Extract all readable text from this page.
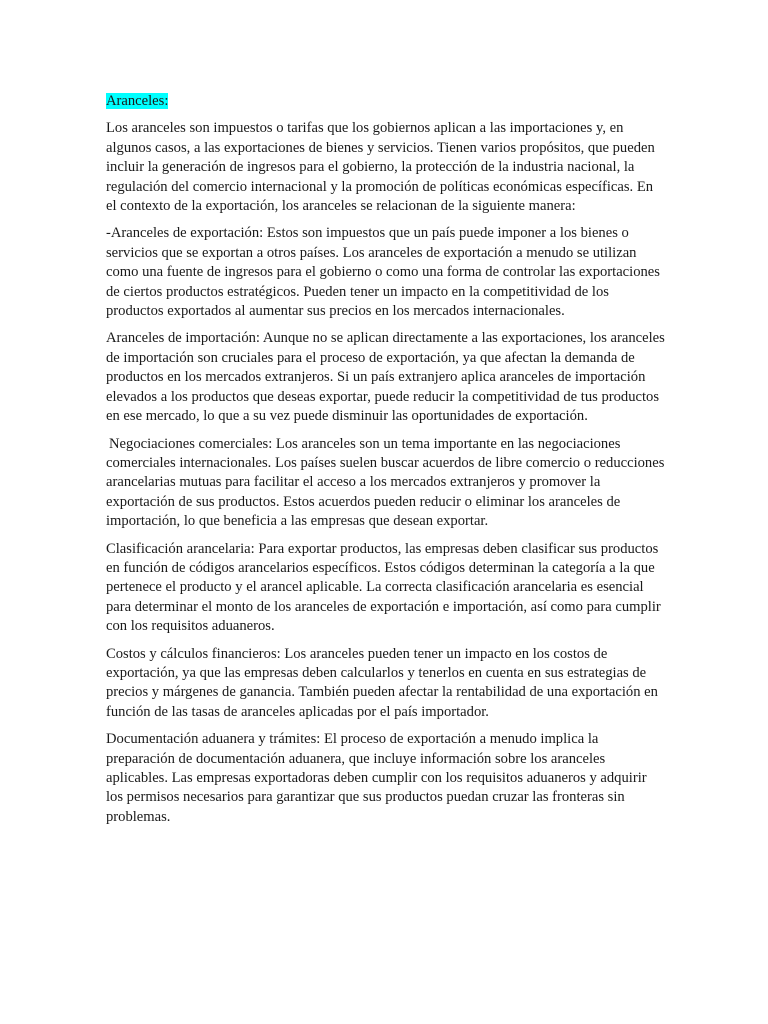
Aranceles:

Los aranceles son impuestos o tarifas que los gobiernos aplican a las importaciones y, en algunos casos, a las exportaciones de bienes y servicios. Tienen varios propósitos, que pueden incluir la generación de ingresos para el gobierno, la protección de la industria nacional, la regulación del comercio internacional y la promoción de políticas económicas específicas. En el contexto de la exportación, los aranceles se relacionan de la siguiente manera:

-Aranceles de exportación: Estos son impuestos que un país puede imponer a los bienes o servicios que se exportan a otros países. Los aranceles de exportación a menudo se utilizan como una fuente de ingresos para el gobierno o como una forma de controlar las exportaciones de ciertos productos estratégicos. Pueden tener un impacto en la competitividad de los productos exportados al aumentar sus precios en los mercados internacionales.

Aranceles de importación: Aunque no se aplican directamente a las exportaciones, los aranceles de importación son cruciales para el proceso de exportación, ya que afectan la demanda de productos en los mercados extranjeros. Si un país extranjero aplica aranceles de importación elevados a los productos que deseas exportar, puede reducir la competitividad de tus productos en ese mercado, lo que a su vez puede disminuir las oportunidades de exportación.

Negociaciones comerciales: Los aranceles son un tema importante en las negociaciones comerciales internacionales. Los países suelen buscar acuerdos de libre comercio o reducciones arancelarias mutuas para facilitar el acceso a los mercados extranjeros y promover la exportación de sus productos. Estos acuerdos pueden reducir o eliminar los aranceles de importación, lo que beneficia a las empresas que desean exportar.

Clasificación arancelaria: Para exportar productos, las empresas deben clasificar sus productos en función de códigos arancelarios específicos. Estos códigos determinan la categoría a la que pertenece el producto y el arancel aplicable. La correcta clasificación arancelaria es esencial para determinar el monto de los aranceles de exportación e importación, así como para cumplir con los requisitos aduaneros.

Costos y cálculos financieros: Los aranceles pueden tener un impacto en los costos de exportación, ya que las empresas deben calcularlos y tenerlos en cuenta en sus estrategias de precios y márgenes de ganancia. También pueden afectar la rentabilidad de una exportación en función de las tasas de aranceles aplicadas por el país importador.

Documentación aduanera y trámites: El proceso de exportación a menudo implica la preparación de documentación aduanera, que incluye información sobre los aranceles aplicables. Las empresas exportadoras deben cumplir con los requisitos aduaneros y adquirir los permisos necesarios para garantizar que sus productos puedan cruzar las fronteras sin problemas.
